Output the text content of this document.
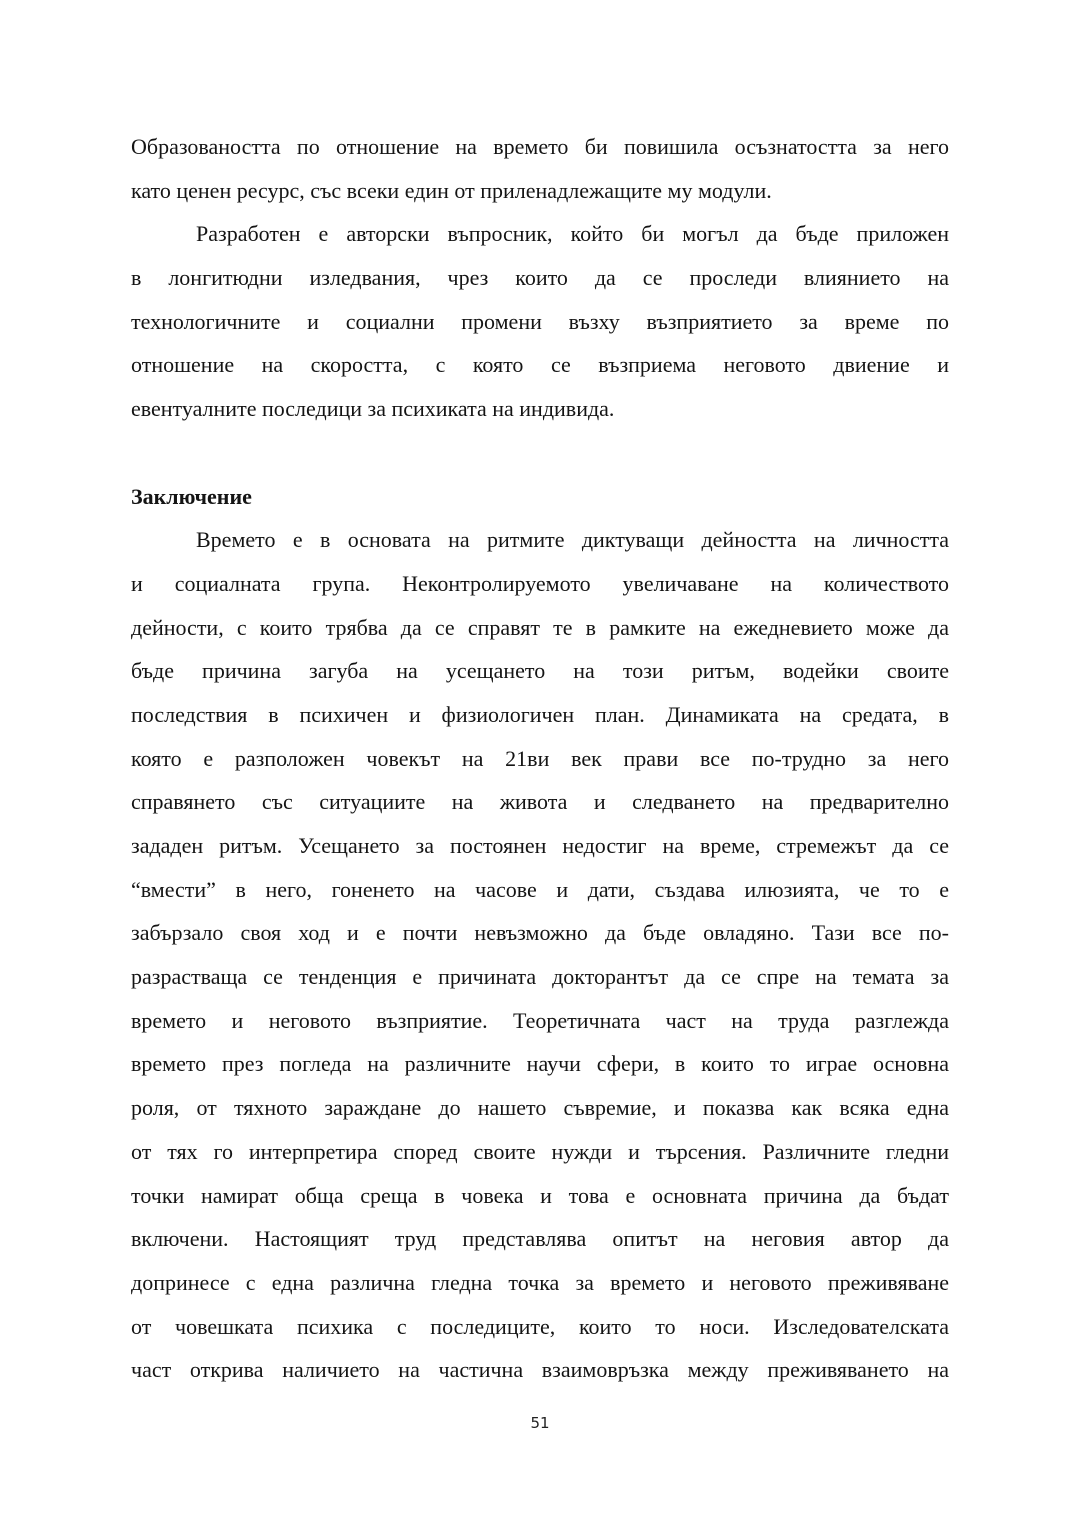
Образоваността по отношение на времето би повишила осъзнатостта за него
като ценен ресурс, със всеки един от приленадлежащите му модули.
Разработен е авторски въпросник, който би могъл да бъде приложен
в лонгитюдни изледвания, чрез които да се проследи влиянието на
технологичните и социални промени възху възприятието за време по
отношение на скоростта, с която се възприема неговото двиение и
евентуалните последици за психиката на индивида.
Заключение
Времето е в основата на ритмите диктуващи дейността на личността
и социалната група. Неконтролируемото увеличаване на количеството
дейности, с които трябва да се справят те в рамките на ежедневието може да
бъде причина загуба на усещането на този ритъм, водейки своите
последствия в психичен и физиологичен план. Динамиката на средата, в
която е разположен човекът на 21ви век прави все по-трудно за него
справянето със ситуациите на живота и следването на предварително
зададен ритъм. Усещането за постоянен недостиг на време, стремежът да се
“вмести” в него, гоненето на часове и дати, създава илюзията, че то е
забързало своя ход и е почти невъзможно да бъде овладяно. Тази все по-
разрастваща се тенденция е причината докторантът да се спре на темата за
времето и неговото възприятие. Теоретичната част на труда разглежда
времето през погледа на различните научи сфери, в които то играе основна
роля, от тяхното зараждане до нашето съвремие, и показва как всяка една
от тях го интерпретира според своите нужди и търсения. Различните гледни
точки намират обща среща в човека и това е основната причина да бъдат
включени. Настоящият труд представлява опитът на неговия автор да
допринесе с една различна гледна точка за времето и неговото преживяване
от човешката психика с последиците, които то носи. Изследователската
част открива наличието на частична взаимовръзка между преживяването на
51
